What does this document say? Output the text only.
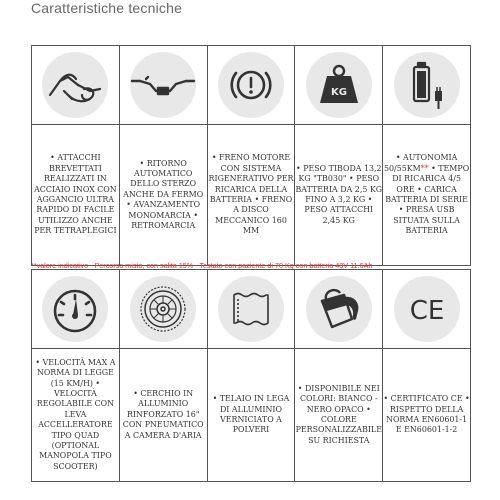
Caratteristiche tecniche

KG

• ATTACCHI BREVETTATI REALIZZATI IN ACCIAIO INOX CON AGGANCIO ULTRA RAPIDO DI FACILE UTILIZZO ANCHE PER TETRAPLEGICI	• RITORNO AUTOMATICO DELLO STERZO ANCHE DA FERMO • AVANZAMENTO MONOMARCIA • RETROMARCIA	• FRENO MOTORE CON SISTEMA RIGENERATIVO PER RICARICA DELLA BATTERIA • FRENO A DISCO MECCANICO 160 MM	• PESO TIBODA 13,2 KG "TB030" • PESO BATTERIA DA 2,5 KG FINO A 3,2 KG • PESO ATTACCHI 2,45 KG	• AUTONOMIA 50/55KM** • TEMPO DI RICARICA 4/5 ORE • CARICA BATTERIA DI SERIE • PRESA USB SITUATA SULLA BATTERIA
**valore indicativo - Percorso misto, con salita 15% - Testato con paziente di 70 Kg con batteria 48V 11.6Ah

CE

• VELOCITÀ MAX A NORMA DI LEGGE (15 KM/H) • VELOCITÀ REGOLABILE CON LEVA ACCELLERATORE TIPO QUAD (OPTIONAL MANOPOLA TIPO SCOOTER)	• CERCHIO IN ALLUMINIO RINFORZATO 16" CON PNEUMATICO A CAMERA D'ARIA	• TELAIO IN LEGA DI ALLUMINIO VERNICIATO A POLVERI	• DISPONIBILE NEI COLORI: BIANCO - NERO OPACO • COLORE PERSONALIZZABILE SU RICHIESTA	• CERTIFICATO CE • RISPETTO DELLA NORMA EN60601-1 E EN60601-1-2
